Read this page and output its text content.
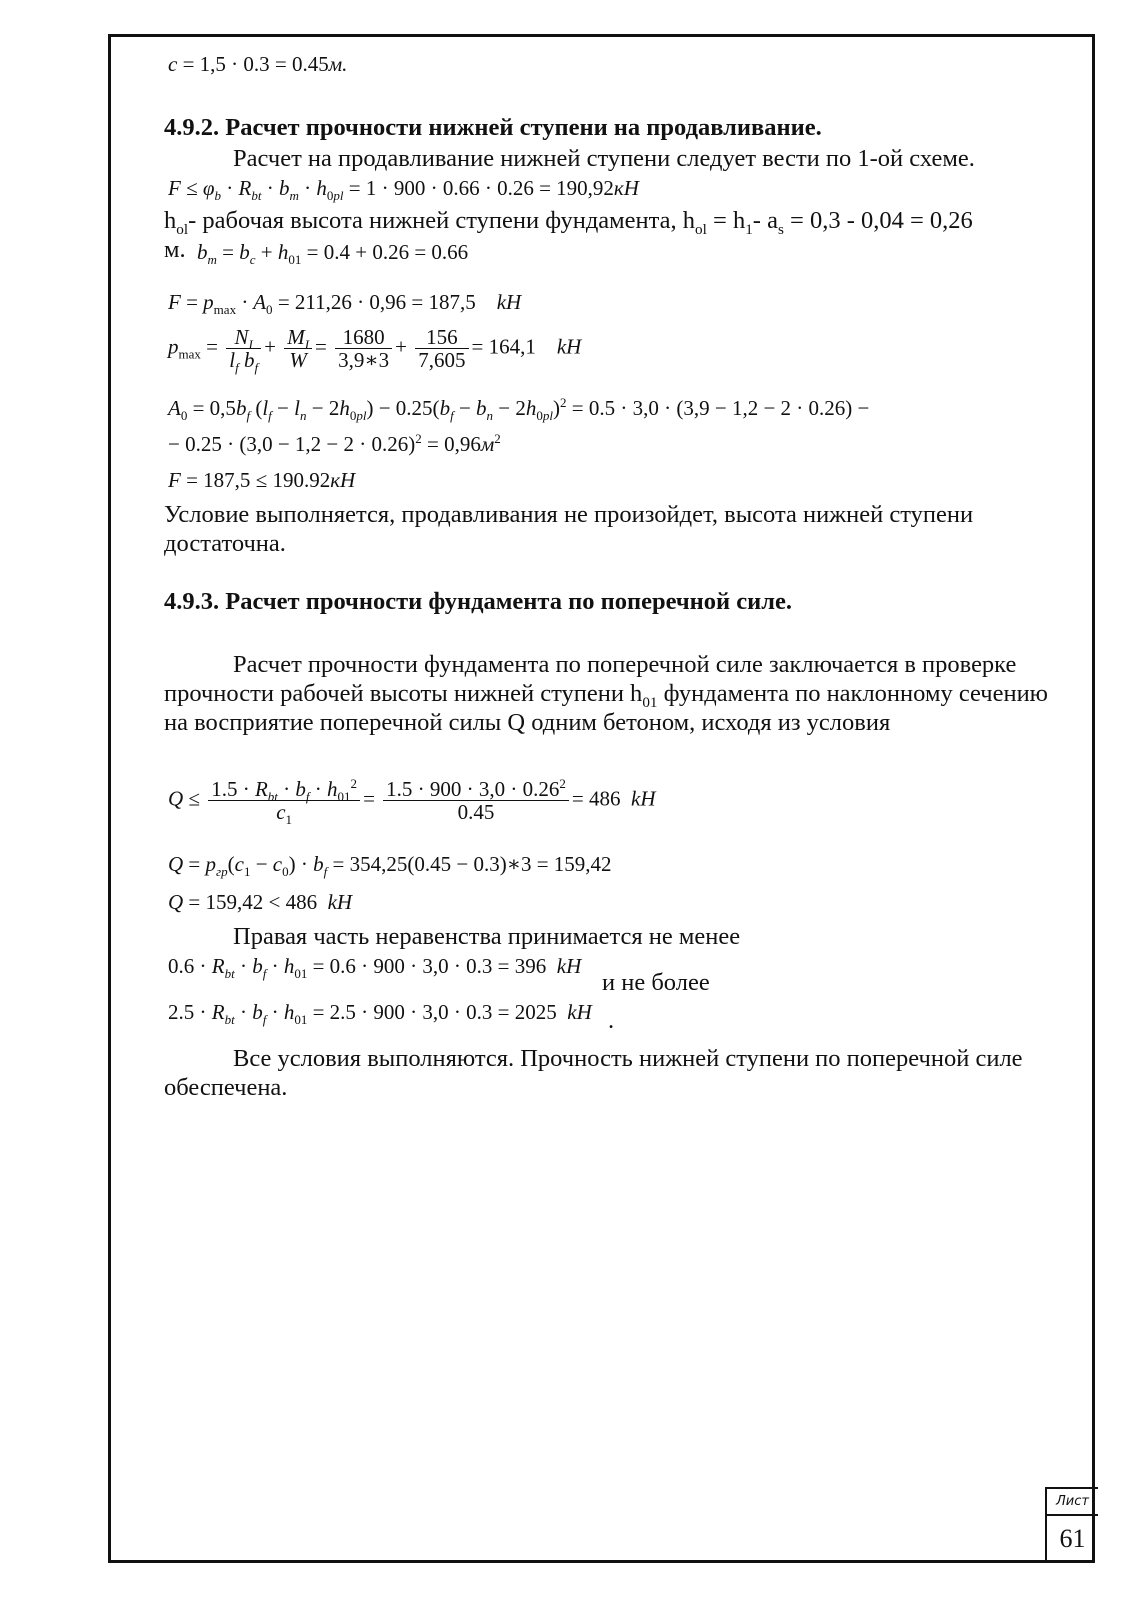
c = 1,5 · 0.3 = 0.45м.
4.9.2. Расчет прочности нижней ступени на продавливание.
Расчет на продавливание нижней ступени следует вести по 1-ой схеме.
$F \le \varphi_b \cdot R_{bt} \cdot b_m \cdot h_{0pl} = 1 \cdot 900 \cdot 0.66 \cdot 0.26 = 190,92кН$
$h_{ol}-$ рабочая высота нижней ступени фундамента, $h_{ol} = h_1-$ $a_s = 0,3 - 0,04 = 0,26$
м. $b_m = b_c + h_{01} = 0.4 + 0.26 = 0.66$
$F = p_{max} \cdot A_0 = 211,26 \cdot 0,96 = 187,5$    kH
$p_{max} = \frac{N_I}{l_f b_f} + \frac{M_I}{W} = \frac{1680}{3,9∗3} + \frac{156}{7,605} = 164,1$    kH
$A_0 = 0,5b_f$ $(l_f - l_n - 2h_{0pl}) - 0.25(b_f - b_n - 2h_{0pl})^2 = 0.5 \cdot 3,0 \cdot (3,9 - 1,2 - 2 \cdot 0.26)$ −
− $0.25 \cdot (3,0 - 1,2 - 2 \cdot 0.26)^2 = 0,96м^2$
F = 187,5 ≤ 190.92кН
Условие выполняется, продавливания не произойдет, высота нижней ступени достаточна.
4.9.3. Расчет прочности фундамента по поперечной силе.
Расчет прочности фундамента по поперечной силе заключается в проверке прочности рабочей высоты нижней ступени $h_{01}$ фундамента по наклонному сечению на восприятие поперечной силы Q одним бетоном, исходя из условия
$Q \le \frac{1.5 \cdot R_{bt} \cdot b_f \cdot h_{01}^2}{c_1} = \frac{1.5 \cdot 900 \cdot 3,0 \cdot 0.26^2}{0.45} = 486$  kH
$Q = p_{гр}(c_1 - c_0) \cdot b_f = 354,25(0.45$ − 0.3)∗3 = 159,42
Q = 159,42 < 486  kH
Правая часть неравенства принимается не менее
$0.6 \cdot R_{bt} \cdot b_f \cdot h_{01} = 0.6 \cdot 900 \cdot 3,0 \cdot 0.3 = 396$  kH
и не более
$2.5 \cdot R_{bt} \cdot b_f \cdot h_{01} = 2.5 \cdot 900 \cdot 3,0 \cdot 0.3 = 2025$  kH .
Все условия выполняются. Прочность нижней ступени по поперечной силе обеспечена.
Лист
61
